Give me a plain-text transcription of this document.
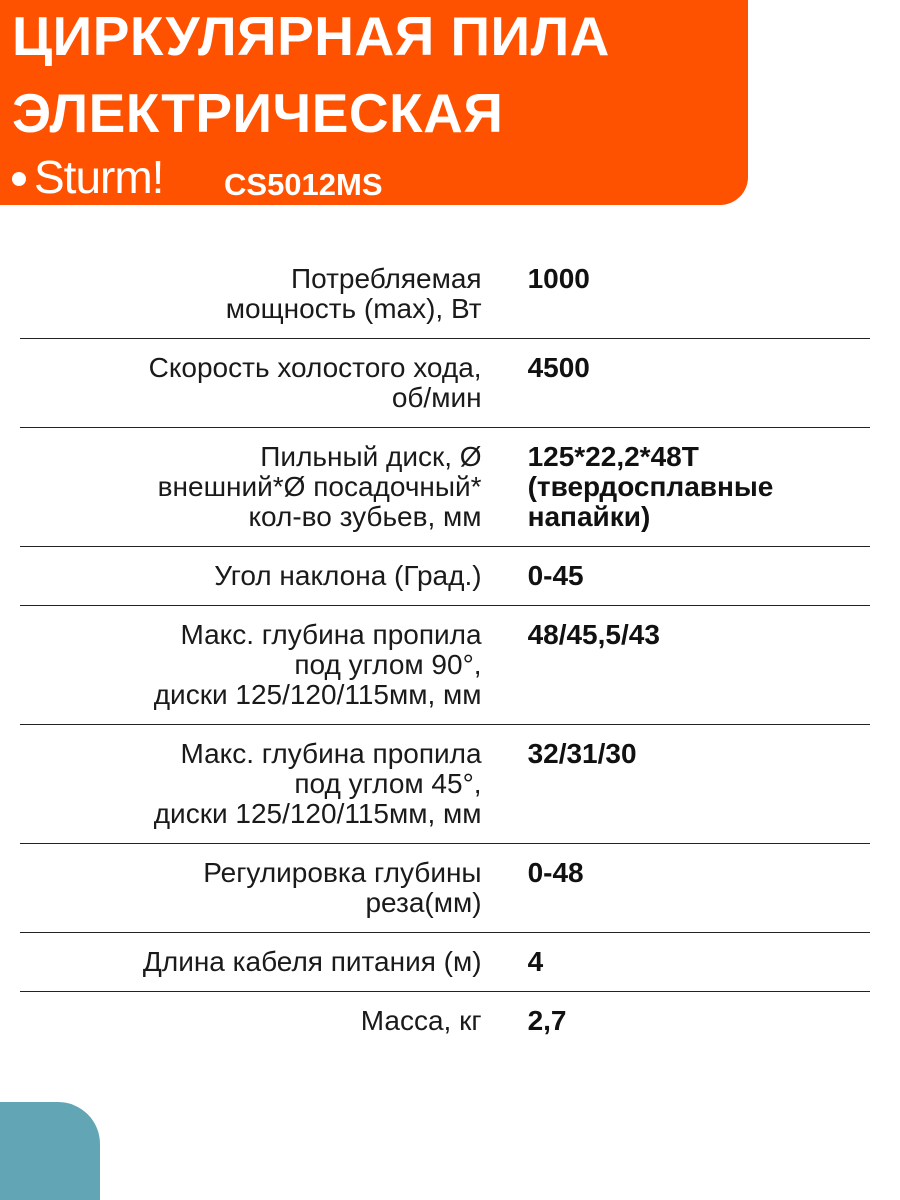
ЦИРКУЛЯРНАЯ ПИЛА
ЭЛЕКТРИЧЕСКАЯ
Sturm! CS5012MS
Потребляемая
мощность (max), Вт
1000
Скорость холостого хода,
об/мин
4500
Пильный диск, Ø
внешний*Ø посадочный*
кол-во зубьев, мм
125*22,2*48Т
(твердосплавные
напайки)
Угол наклона (Град.) 0-45
Макс. глубина пропила
под углом 90°,
диски 125/120/115мм, мм
48/45,5/43
Макс. глубина пропила
под углом 45°,
диски 125/120/115мм, мм
32/31/30
Регулировка глубины
реза(мм)
0-48
Длина кабеля питания (м) 4
Масса, кг 2,7
